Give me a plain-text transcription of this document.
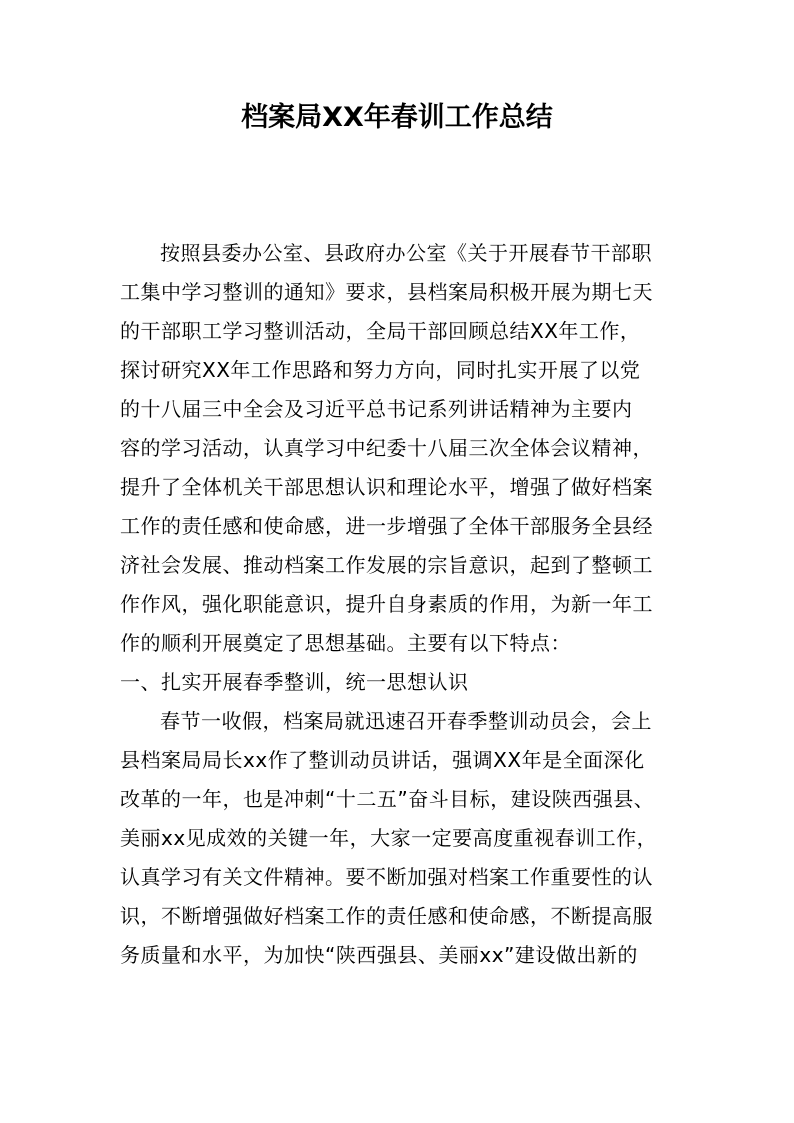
档案局XX年春训工作总结
按照县委办公室、县政府办公室《关于开展春节干部职
工集中学习整训的通知》要求，县档案局积极开展为期七天
的干部职工学习整训活动，全局干部回顾总结XX年工作，
探讨研究XX年工作思路和努力方向，同时扎实开展了以党
的十八届三中全会及习近平总书记系列讲话精神为主要内
容的学习活动，认真学习中纪委十八届三次全体会议精神，
提升了全体机关干部思想认识和理论水平，增强了做好档案
工作的责任感和使命感，进一步增强了全体干部服务全县经
济社会发展、推动档案工作发展的宗旨意识，起到了整顿工
作作风，强化职能意识，提升自身素质的作用，为新一年工
作的顺利开展奠定了思想基础。主要有以下特点：
一、扎实开展春季整训，统一思想认识
春节一收假，档案局就迅速召开春季整训动员会，会上
县档案局局长xx作了整训动员讲话，强调XX年是全面深化
改革的一年，也是冲刺“十二五”奋斗目标，建设陕西强县、
美丽xx见成效的关键一年，大家一定要高度重视春训工作，
认真学习有关文件精神。要不断加强对档案工作重要性的认
识，不断增强做好档案工作的责任感和使命感，不断提高服
务质量和水平，为加快“陕西强县、美丽xx”建设做出新的
